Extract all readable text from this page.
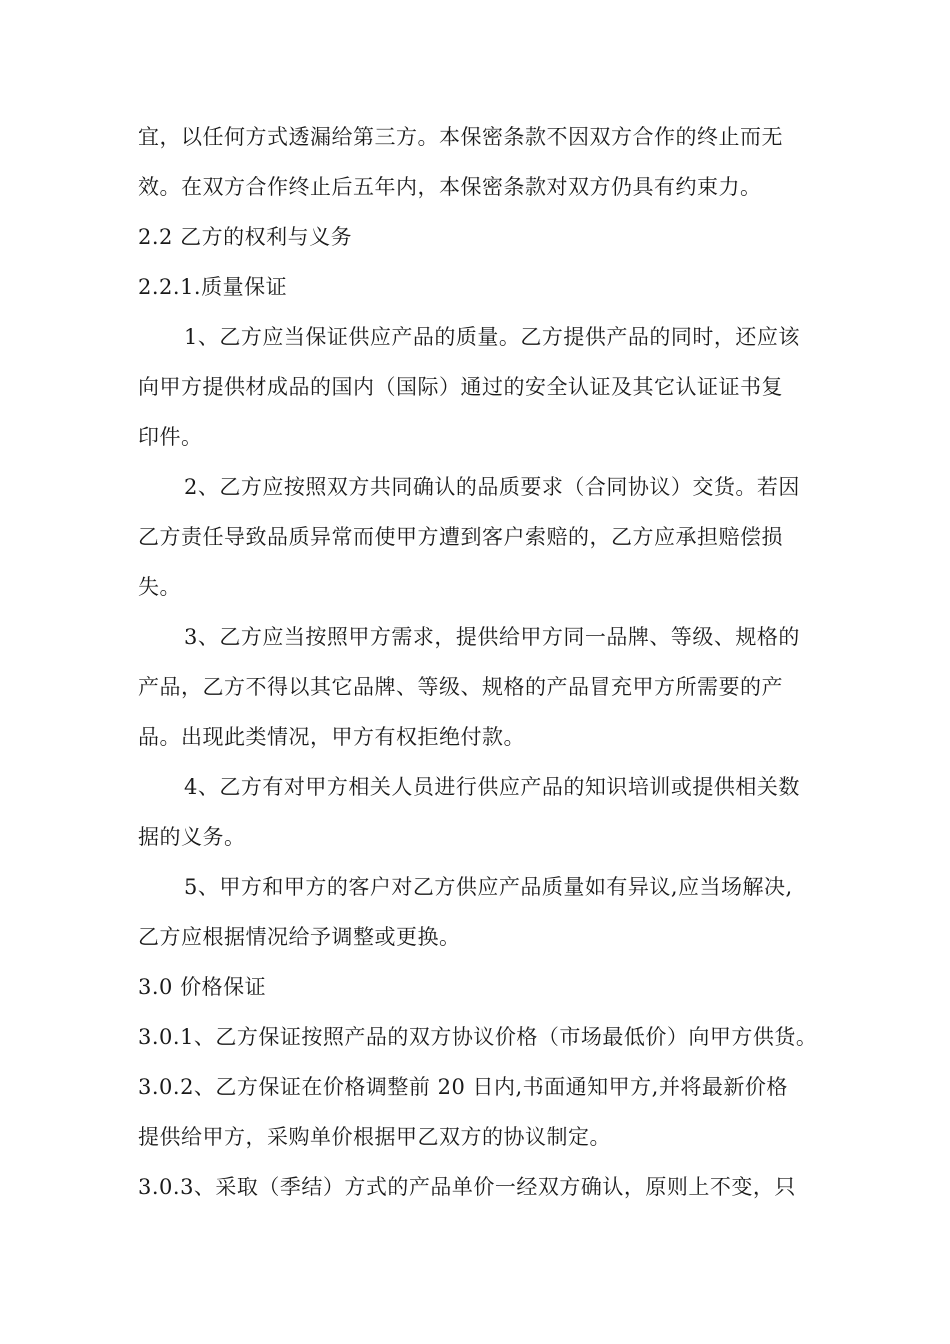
宜，以任何方式透漏给第三方。本保密条款不因双方合作的终止而无
效。在双方合作终止后五年内，本保密条款对双方仍具有约束力。
2.2 乙方的权利与义务
2.2.1.质量保证
1、乙方应当保证供应产品的质量。乙方提供产品的同时，还应该
向甲方提供材成品的国内（国际）通过的安全认证及其它认证证书复
印件。
2、乙方应按照双方共同确认的品质要求（合同协议）交货。若因
乙方责任导致品质异常而使甲方遭到客户索赔的，乙方应承担赔偿损
失。
3、乙方应当按照甲方需求，提供给甲方同一品牌、等级、规格的
产品，乙方不得以其它品牌、等级、规格的产品冒充甲方所需要的产
品。出现此类情况，甲方有权拒绝付款。
4、乙方有对甲方相关人员进行供应产品的知识培训或提供相关数
据的义务。
5、甲方和甲方的客户对乙方供应产品质量如有异议,应当场解决,
乙方应根据情况给予调整或更换。
3.0 价格保证
3.0.1、乙方保证按照产品的双方协议价格（市场最低价）向甲方供货。
3.0.2、乙方保证在价格调整前 20 日内,书面通知甲方,并将最新价格
提供给甲方，采购单价根据甲乙双方的协议制定。
3.0.3、采取（季结）方式的产品单价一经双方确认，原则上不变，只
